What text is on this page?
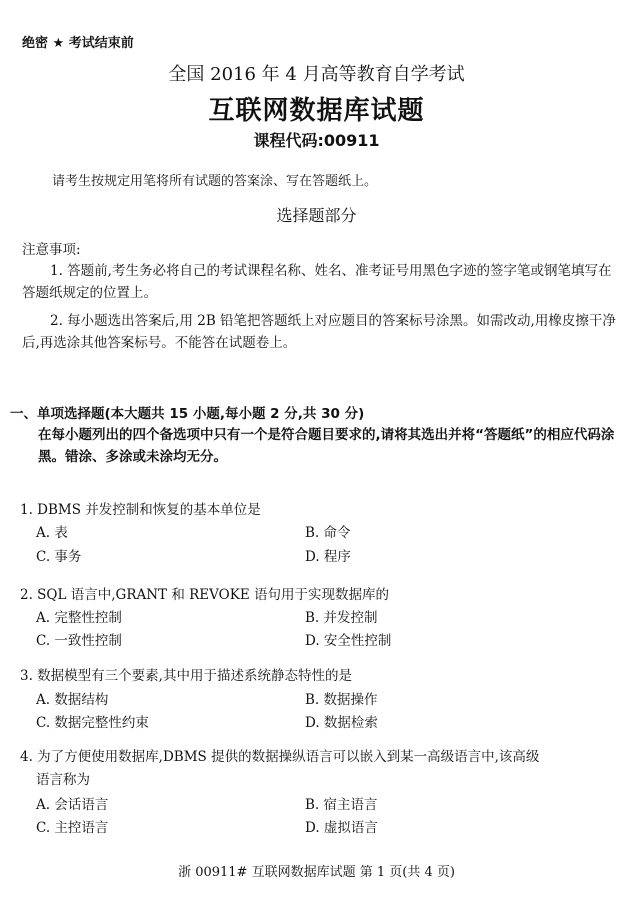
绝密 ★ 考试结束前
全国 2016 年 4 月高等教育自学考试
互联网数据库试题
课程代码:00911
请考生按规定用笔将所有试题的答案涂、写在答题纸上。
选择题部分
注意事项:
1. 答题前,考生务必将自己的考试课程名称、姓名、准考证号用黑色字迹的签字笔或钢笔填写在答题纸规定的位置上。
2. 每小题选出答案后,用 2B 铅笔把答题纸上对应题目的答案标号涂黑。如需改动,用橡皮擦干净后,再选涂其他答案标号。不能答在试题卷上。
一、单项选择题(本大题共 15 小题,每小题 2 分,共 30 分)
在每小题列出的四个备选项中只有一个是符合题目要求的,请将其选出并将“答题纸”的相应代码涂黑。错涂、多涂或未涂均无分。
1. DBMS 并发控制和恢复的基本单位是
A. 表	B. 命令
C. 事务	D. 程序
2. SQL 语言中,GRANT 和 REVOKE 语句用于实现数据库的
A. 完整性控制	B. 并发控制
C. 一致性控制	D. 安全性控制
3. 数据模型有三个要素,其中用于描述系统静态特性的是
A. 数据结构	B. 数据操作
C. 数据完整性约束	D. 数据检索
4. 为了方便使用数据库,DBMS 提供的数据操纵语言可以嵌入到某一高级语言中,该高级
语言称为
A. 会话语言	B. 宿主语言
C. 主控语言	D. 虚拟语言
浙 00911# 互联网数据库试题 第 1 页(共 4 页)
